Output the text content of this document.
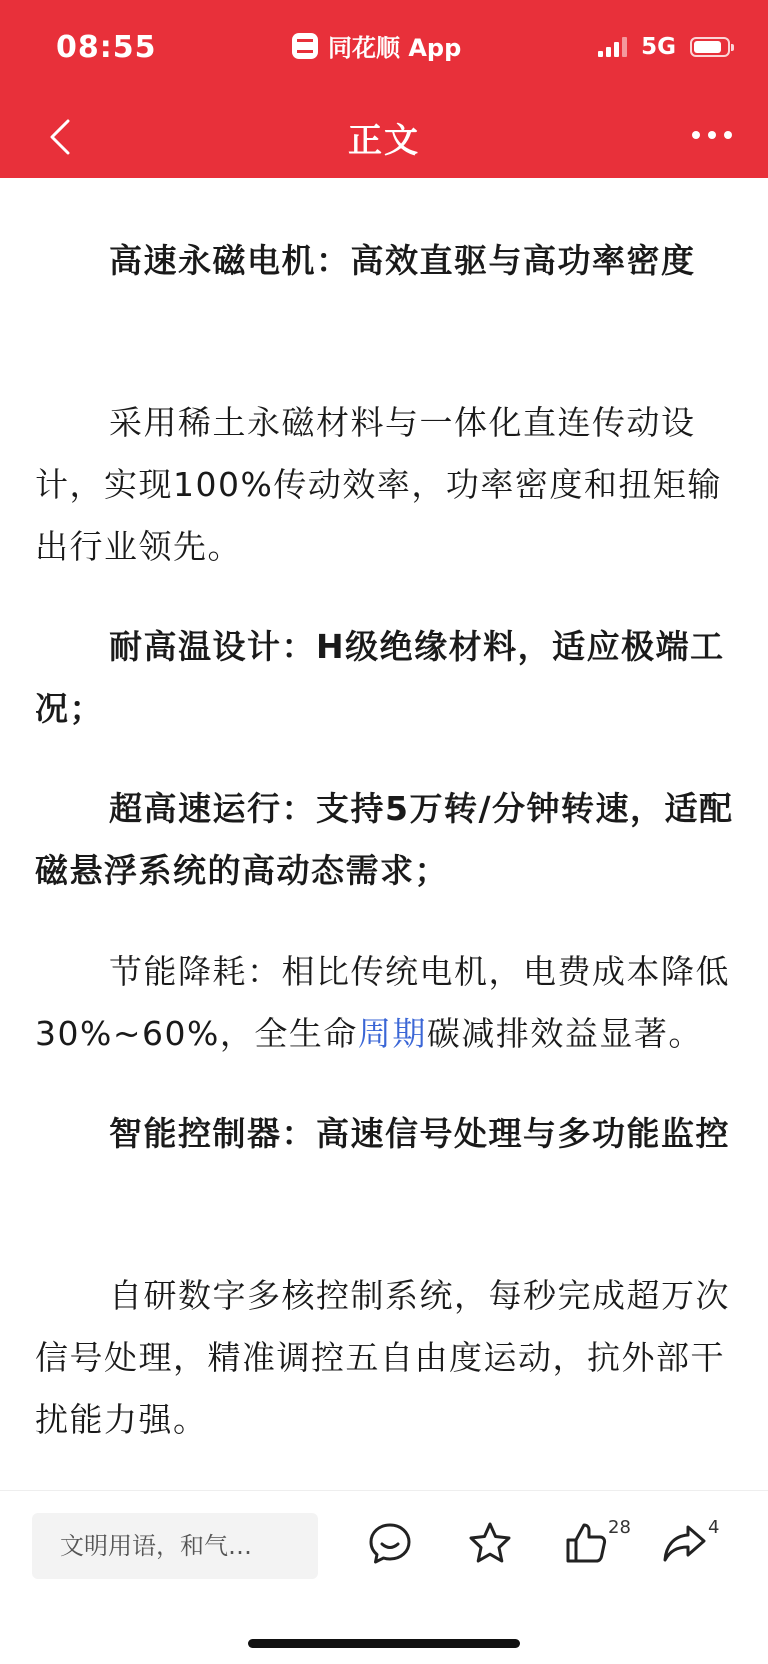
08:55	同花顺 App	5G
正文

高速永磁电机：高效直驱与高功率密度

采用稀土永磁材料与一体化直连传动设计，实现100%传动效率，功率密度和扭矩输出行业领先。

耐高温设计：H级绝缘材料，适应极端工况；

超高速运行：支持5万转/分钟转速，适配磁悬浮系统的高动态需求；

节能降耗：相比传统电机，电费成本降低30%~60%，全生命周期碳减排效益显著。

智能控制器：高速信号处理与多功能监控

自研数字多核控制系统，每秒完成超万次信号处理，精准调控五自由度运动，抗外部干扰能力强。

文明用语，和气…
28	4
